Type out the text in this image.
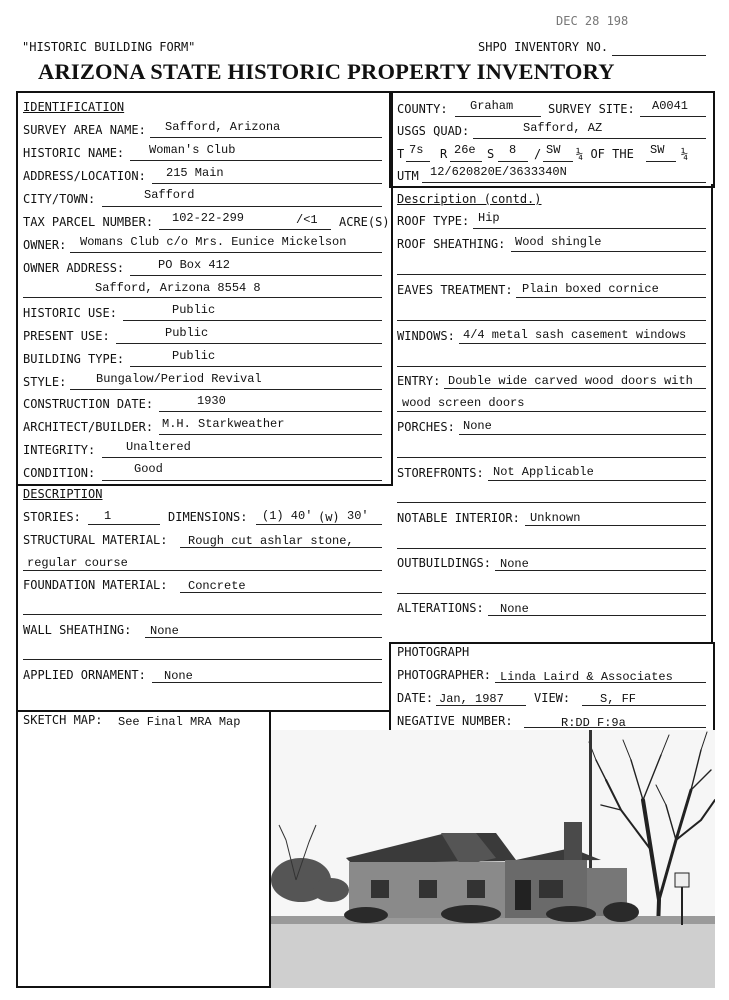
DEC 28 198
"HISTORIC BUILDING FORM"	SHPO INVENTORY NO.
ARIZONA STATE HISTORIC PROPERTY INVENTORY
IDENTIFICATION
SURVEY AREA NAME: Safford, Arizona
HISTORIC NAME: Woman's Club
ADDRESS/LOCATION: 215 Main
CITY/TOWN:	Safford
TAX PARCEL NUMBER: 102-22-299	/<1 ACRE(S)
OWNER: Womans Club c/o Mrs. Eunice Mickelson
OWNER ADDRESS:	PO Box 412
Safford, Arizona 8554 8
HISTORIC USE:	Public
PRESENT USE:	Public
BUILDING TYPE:	Public
STYLE: Bungalow/Period Revival
CONSTRUCTION DATE:	1930
ARCHITECT/BUILDER: M.H. Starkweather
INTEGRITY:	Unaltered
CONDITION:	Good
COUNTY: Graham	SURVEY SITE: A0041
USGS QUAD:	Safford, AZ
T 7s R 26e S 8 / SW ¼ OF THE SW ¼
UTM 12/620820E/3633340N
Description (contd.)
ROOF TYPE: Hip
ROOF SHEATHING: Wood shingle
EAVES TREATMENT: Plain boxed cornice
WINDOWS: 4/4 metal sash casement windows
ENTRY: Double wide carved wood doors with
wood screen doors
PORCHES: None
STOREFRONTS: Not Applicable
NOTABLE INTERIOR: Unknown
OUTBUILDINGS: None
ALTERATIONS: None
DESCRIPTION
STORIES: 1	DIMENSIONS: (1) 40' (w) 30'
STRUCTURAL MATERIAL: Rough cut ashlar stone,
regular course
FOUNDATION MATERIAL: Concrete
WALL SHEATHING: None
APPLIED ORNAMENT: None
PHOTOGRAPH
PHOTOGRAPHER: Linda Laird & Associates
DATE: Jan, 1987	VIEW: S, FF
NEGATIVE NUMBER:	R:DD F:9a
SKETCH MAP: See Final MRA Map
